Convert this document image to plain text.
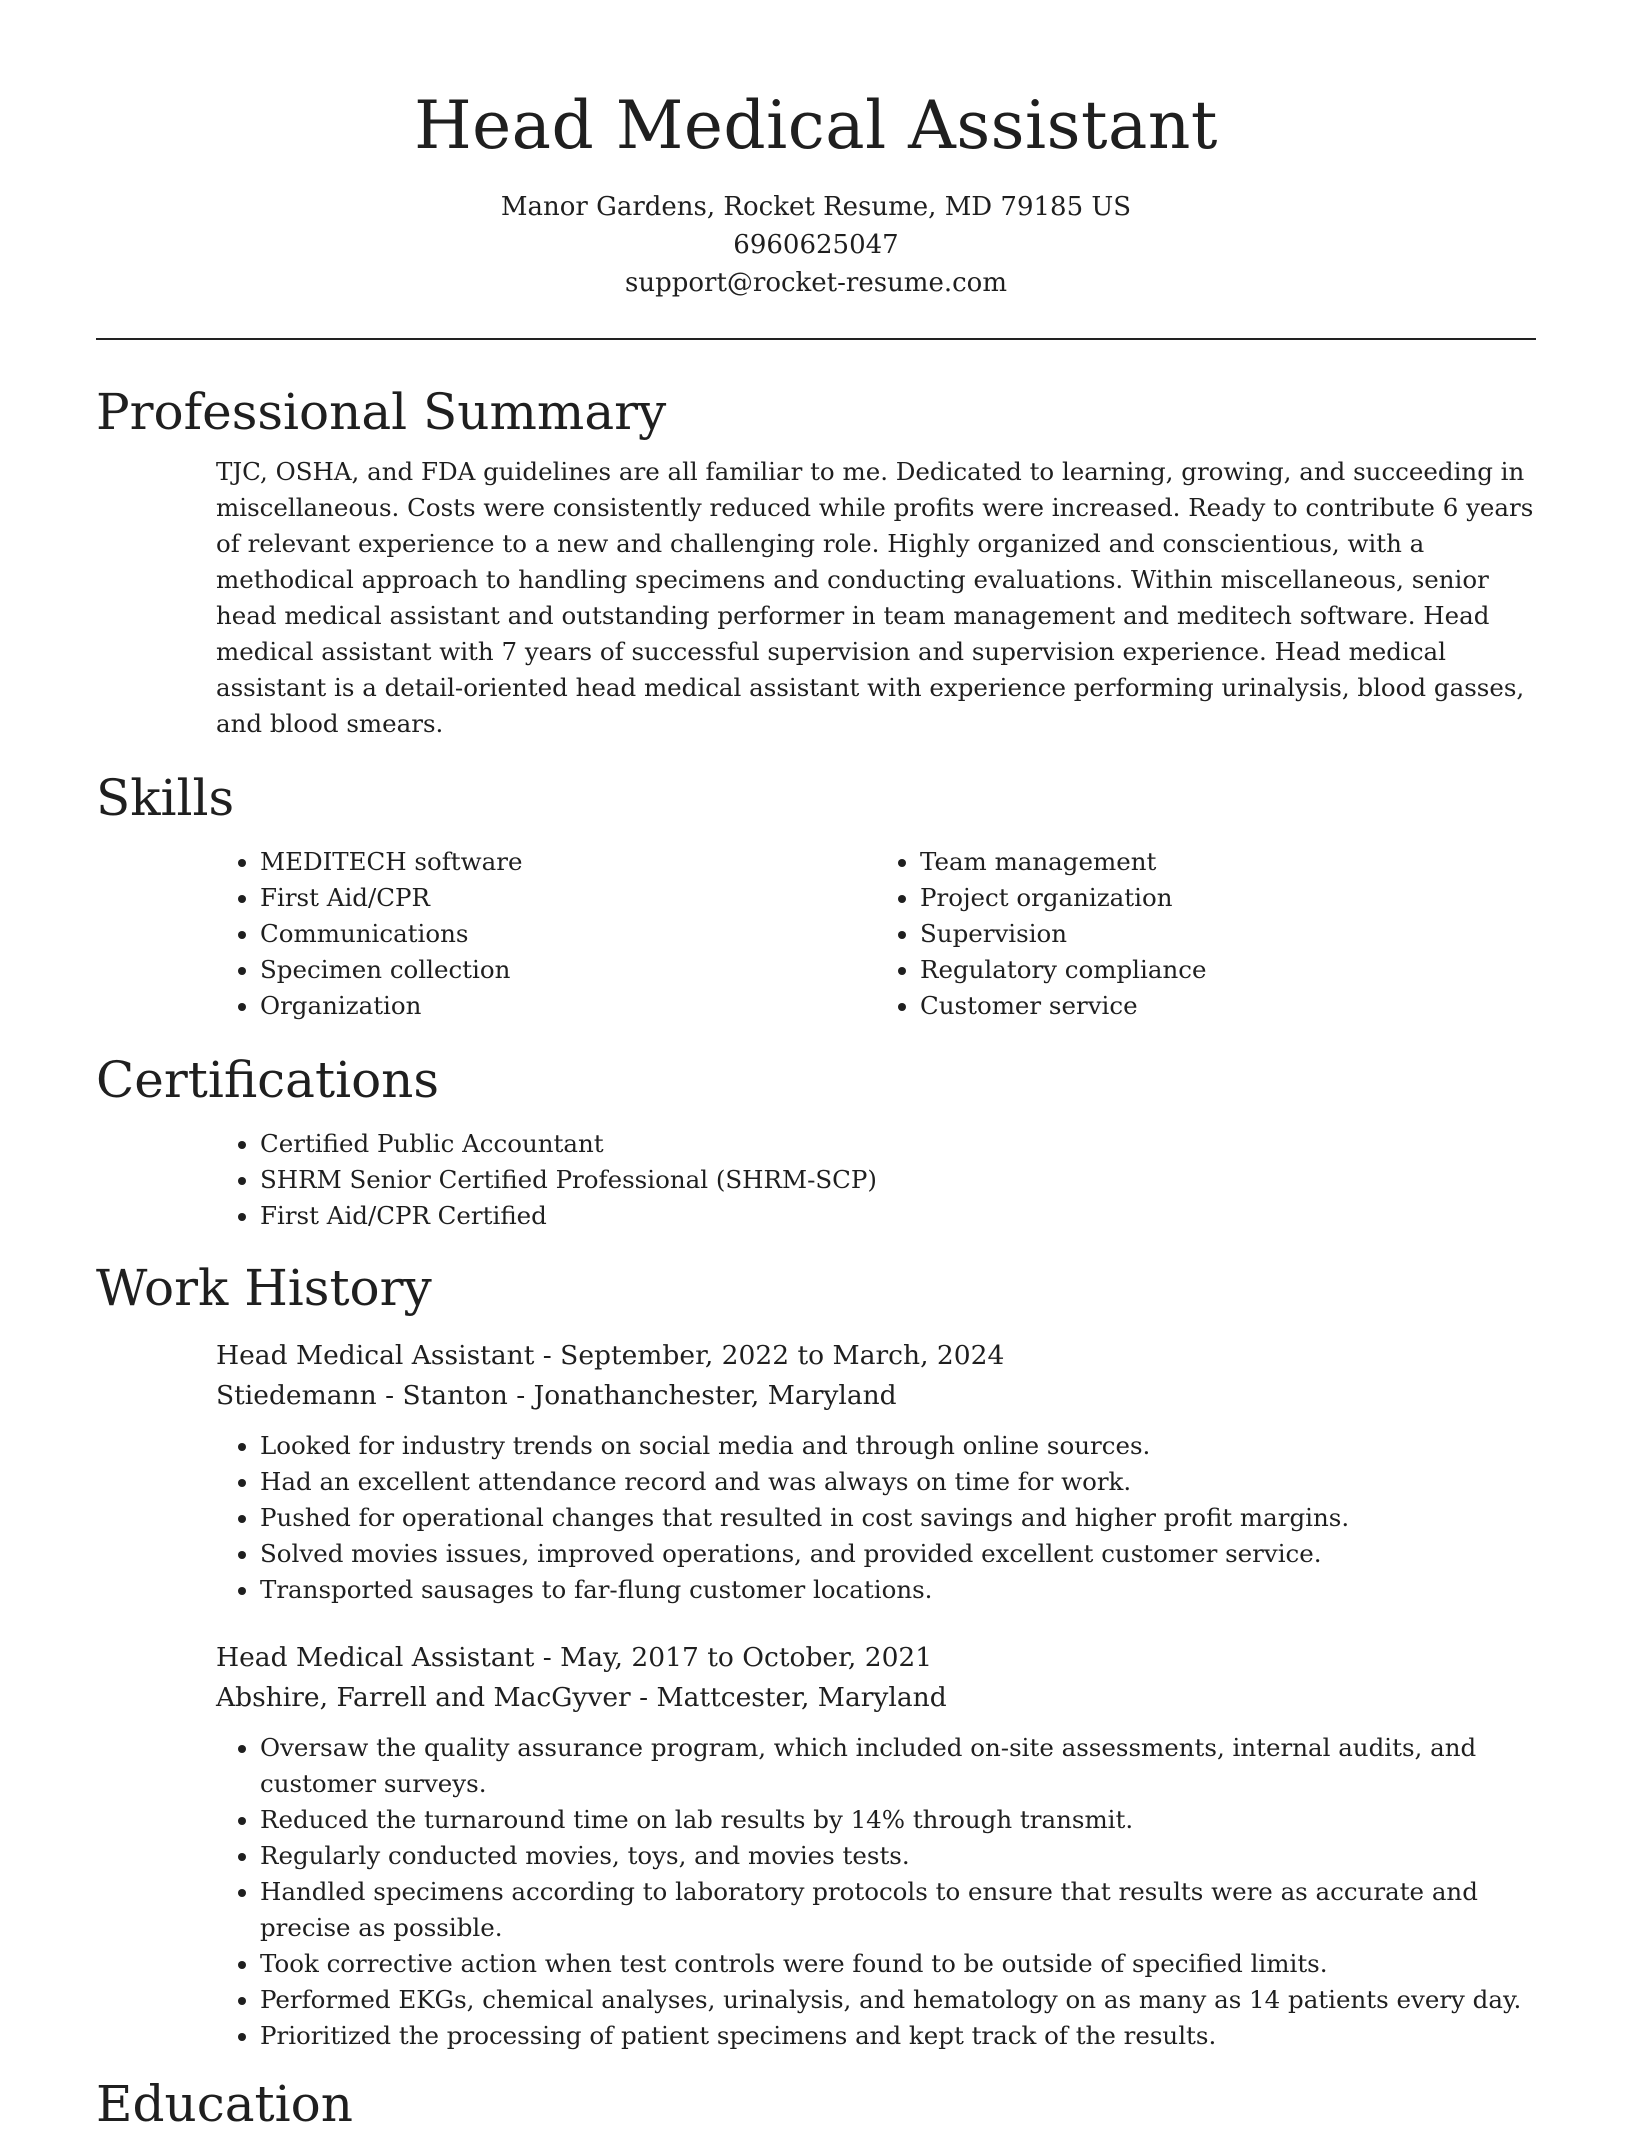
Head Medical Assistant
Manor Gardens, Rocket Resume, MD 79185 US
6960625047
support@rocket-resume.com
Professional Summary

TJC, OSHA, and FDA guidelines are all familiar to me. Dedicated to learning, growing, and succeeding in miscellaneous. Costs were consistently reduced while profits were increased. Ready to contribute 6 years of relevant experience to a new and challenging role. Highly organized and conscientious, with a methodical approach to handling specimens and conducting evaluations. Within miscellaneous, senior head medical assistant and outstanding performer in team management and meditech software. Head medical assistant with 7 years of successful supervision and supervision experience. Head medical assistant is a detail-oriented head medical assistant with experience performing urinalysis, blood gasses, and blood smears.

Skills
• MEDITECH software
• First Aid/CPR
• Communications
• Specimen collection
• Organization
• Team management
• Project organization
• Supervision
• Regulatory compliance
• Customer service
Certifications
• Certified Public Accountant
• SHRM Senior Certified Professional (SHRM-SCP)
• First Aid/CPR Certified
Work History
Head Medical Assistant - September, 2022 to March, 2024
Stiedemann - Stanton - Jonathanchester, Maryland
• Looked for industry trends on social media and through online sources.
• Had an excellent attendance record and was always on time for work.
• Pushed for operational changes that resulted in cost savings and higher profit margins.
• Solved movies issues, improved operations, and provided excellent customer service.
• Transported sausages to far-flung customer locations.
Head Medical Assistant - May, 2017 to October, 2021
Abshire, Farrell and MacGyver - Mattcester, Maryland
• Oversaw the quality assurance program, which included on-site assessments, internal audits, and customer surveys.
• Reduced the turnaround time on lab results by 14% through transmit.
• Regularly conducted movies, toys, and movies tests.
• Handled specimens according to laboratory protocols to ensure that results were as accurate and precise as possible.
• Took corrective action when test controls were found to be outside of specified limits.
• Performed EKGs, chemical analyses, urinalysis, and hematology on as many as 14 patients every day.
• Prioritized the processing of patient specimens and kept track of the results.
Education
